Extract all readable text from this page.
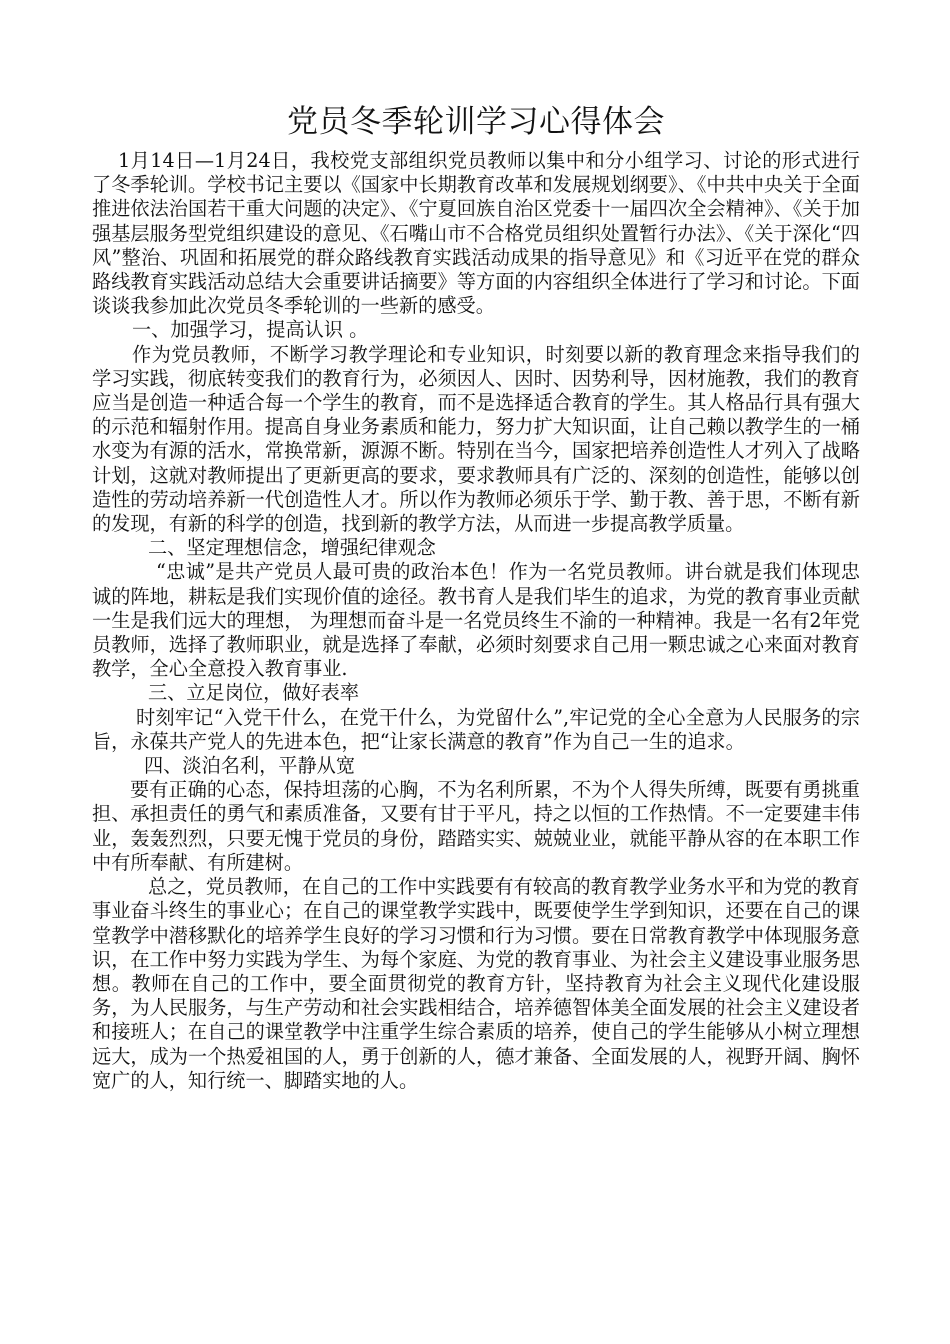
党员冬季轮训学习心得体会

1月14日—1月24日，我校党支部组织党员教师以集中和分小组学习、讨论的形式进行了冬季轮训。学校书记主要以《国家中长期教育改革和发展规划纲要》、《中共中央关于全面推进依法治国若干重大问题的决定》、《宁夏回族自治区党委十一届四次全会精神》、《关于加强基层服务型党组织建设的意见、《石嘴山市不合格党员组织处置暂行办法》、《关于深化“四风”整治、巩固和拓展党的群众路线教育实践活动成果的指导意见》和《习近平在党的群众路线教育实践活动总结大会重要讲话摘要》等方面的内容组织全体进行了学习和讨论。下面谈谈我参加此次党员冬季轮训的一些新的感受。

一、加强学习，提高认识 。

作为党员教师，不断学习教学理论和专业知识，时刻要以新的教育理念来指导我们的学习实践，彻底转变我们的教育行为，必须因人、因时、因势利导，因材施教，我们的教育应当是创造一种适合每一个学生的教育，而不是选择适合教育的学生。其人格品行具有强大的示范和辐射作用。提高自身业务素质和能力，努力扩大知识面，让自己赖以教学生的一桶水变为有源的活水，常换常新，源源不断。特别在当今，国家把培养创造性人才列入了战略计划，这就对教师提出了更新更高的要求，要求教师具有广泛的、深刻的创造性，能够以创造性的劳动培养新一代创造性人才。所以作为教师必须乐于学、勤于教、善于思，不断有新的发现，有新的科学的创造，找到新的教学方法，从而进一步提高教学质量。

二、坚定理想信念，增强纪律观念

“忠诚”是共产党员人最可贵的政治本色！作为一名党员教师。讲台就是我们体现忠诚的阵地，耕耘是我们实现价值的途径。教书育人是我们毕生的追求，为党的教育事业贡献一生是我们远大的理想， 为理想而奋斗是一名党员终生不渝的一种精神。我是一名有2年党员教师，选择了教师职业，就是选择了奉献，必须时刻要求自己用一颗忠诚之心来面对教育教学，全心全意投入教育事业.

三、立足岗位，做好表率

时刻牢记“入党干什么，在党干什么，为党留什么”,牢记党的全心全意为人民服务的宗旨，永葆共产党人的先进本色，把“让家长满意的教育”作为自己一生的追求。

四、淡泊名利，平静从宽

要有正确的心态，保持坦荡的心胸，不为名利所累，不为个人得失所缚，既要有勇挑重担、承担责任的勇气和素质准备，又要有甘于平凡，持之以恒的工作热情。不一定要建丰伟业，轰轰烈烈，只要无愧于党员的身份，踏踏实实、兢兢业业，就能平静从容的在本职工作中有所奉献、有所建树。

总之，党员教师，在自己的工作中实践要有有较高的教育教学业务水平和为党的教育事业奋斗终生的事业心；在自己的课堂教学实践中，既要使学生学到知识，还要在自己的课堂教学中潜移默化的培养学生良好的学习习惯和行为习惯。要在日常教育教学中体现服务意识，在工作中努力实践为学生、为每个家庭、为党的教育事业、为社会主义建设事业服务思想。教师在自己的工作中，要全面贯彻党的教育方针，坚持教育为社会主义现代化建设服务，为人民服务，与生产劳动和社会实践相结合，培养德智体美全面发展的社会主义建设者和接班人；在自己的课堂教学中注重学生综合素质的培养，使自己的学生能够从小树立理想远大，成为一个热爱祖国的人，勇于创新的人，德才兼备、全面发展的人，视野开阔、胸怀宽广的人，知行统一、脚踏实地的人。
